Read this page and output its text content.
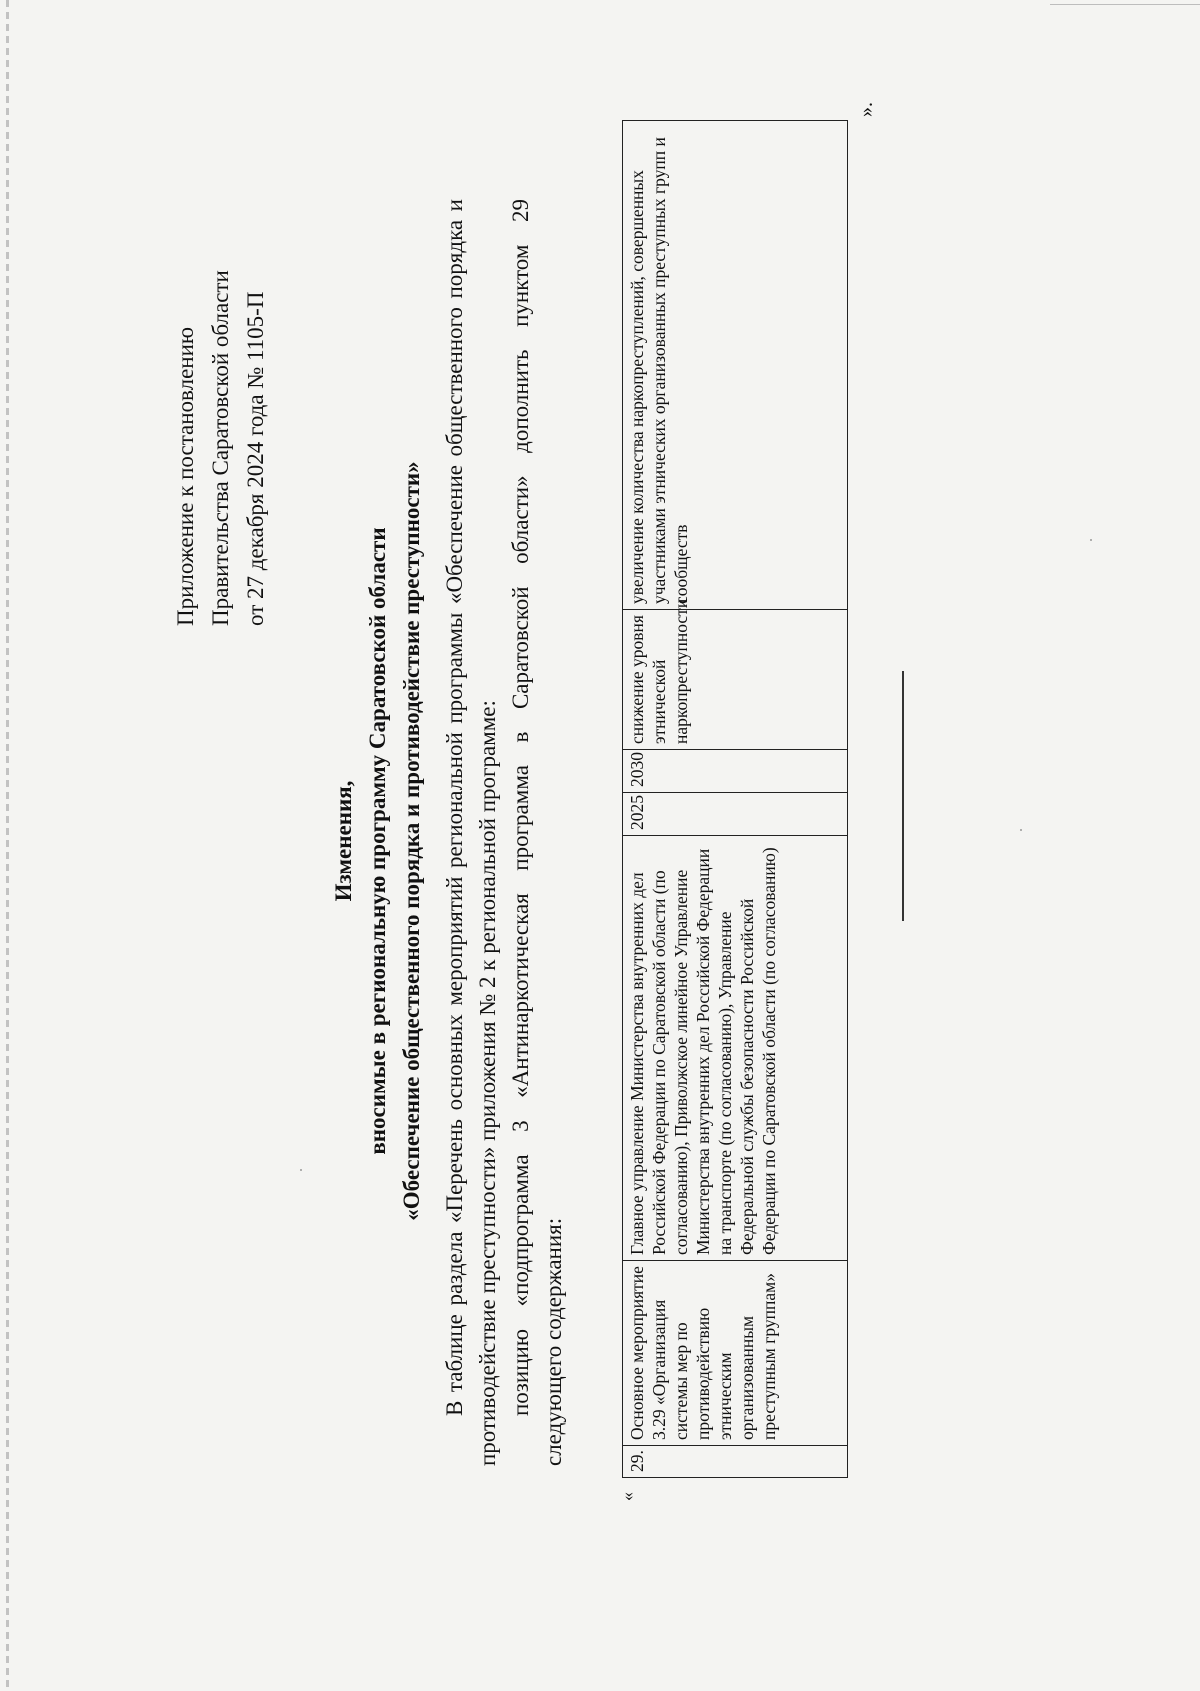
Приложение к постановлению Правительства Саратовской области от 27 декабря 2024 года № 1105-П
Изменения, вносимые в региональную программу Саратовской области «Обеспечение общественного порядка и противодействие преступности» В таблице раздела «Перечень основных мероприятий региональной программы «Обеспечение общественного порядка и противодействие преступности» приложения № 2 к региональной программе: позицию «подпрограмма 3 «Антинаркотическая программа в Саратовской области» дополнить пунктом 29 следующего содержания:

«
29.	Основное мероприятие 3.29 «Организация системы мер по противодействию этническим организованным преступным группам»	Главное управление Министерства внутренних дел Российской Федерации по Саратовской области (по согласованию), Приволжское линейное Управление Министерства внутренних дел Российской Федерации на транспорте (по согласованию), Управление Федеральной службы безопасности Российской Федерации по Саратовской области (по согласованию)	2025	2030	снижение уровня этнической наркопреступности	увеличение количества наркопреступлений, совершенных участниками этнических организованных преступных групп и сообществ
».
